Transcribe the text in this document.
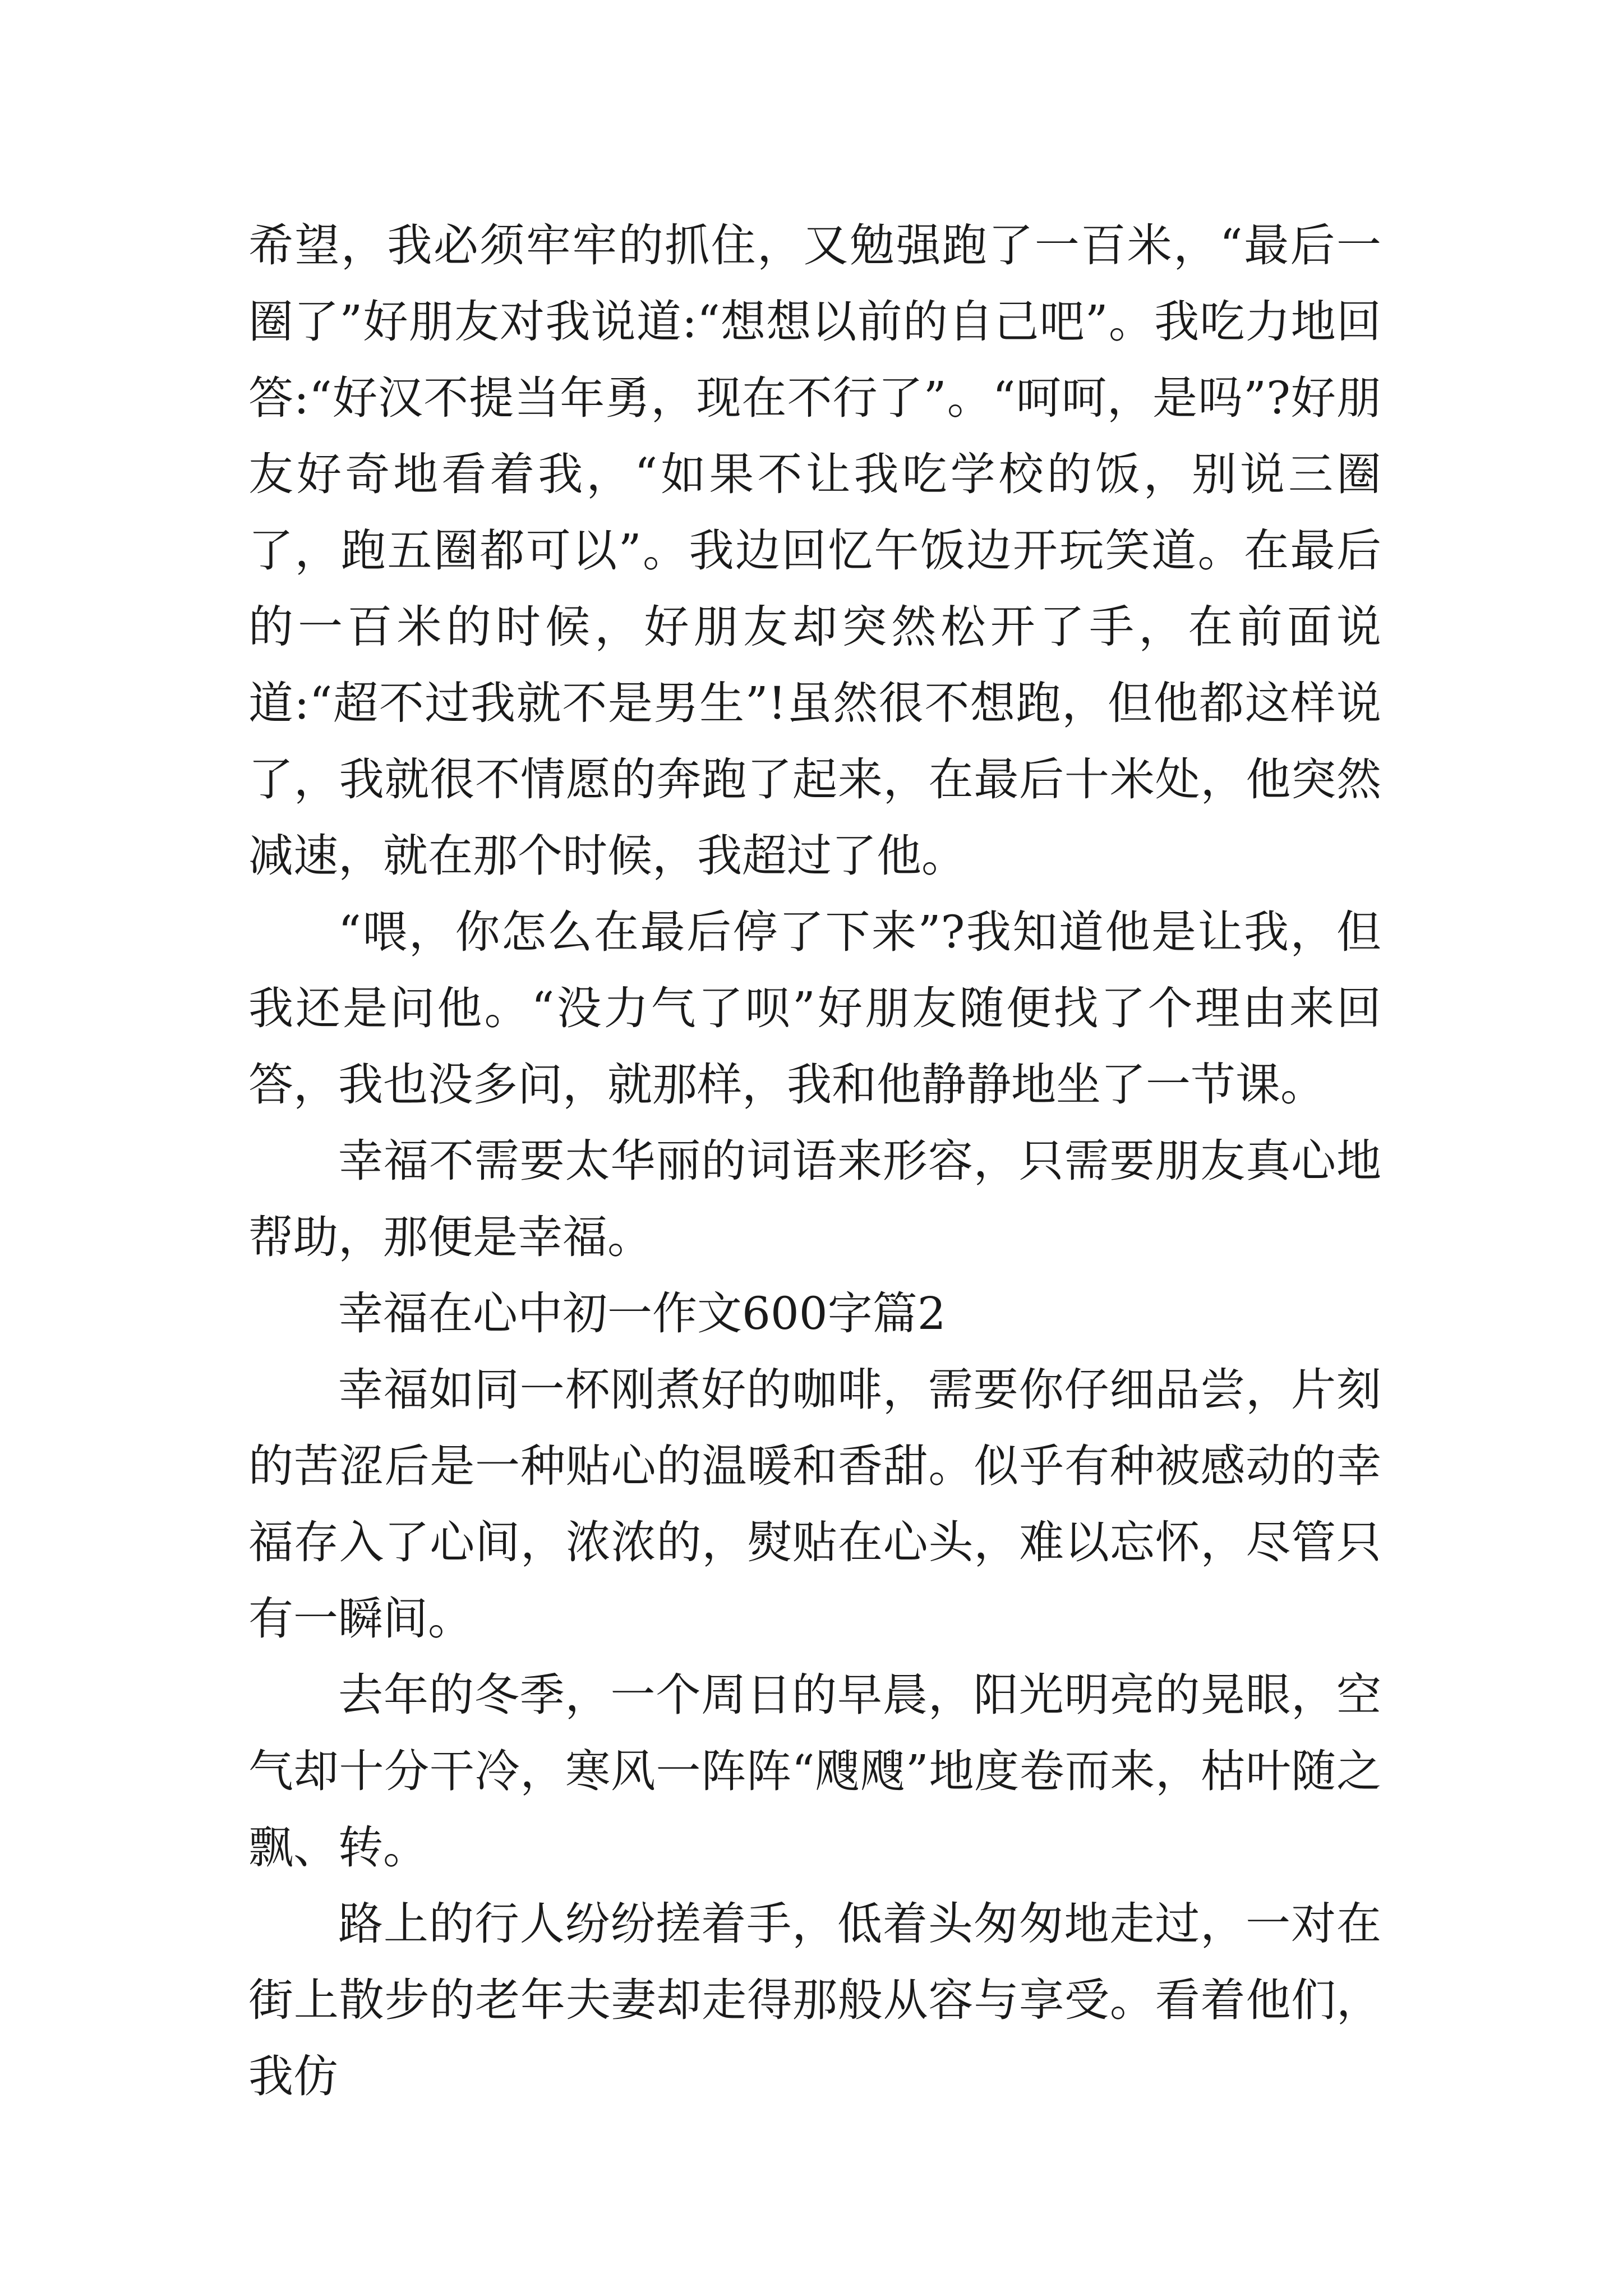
希望，我必须牢牢的抓住，又勉强跑了一百米，“最后一圈了”好朋友对我说道:“想想以前的自己吧”。我吃力地回答:“好汉不提当年勇，现在不行了”。“呵呵，是吗”?好朋友好奇地看着我，“如果不让我吃学校的饭，别说三圈了，跑五圈都可以”。我边回忆午饭边开玩笑道。在最后的一百米的时候，好朋友却突然松开了手，在前面说道:“超不过我就不是男生”!虽然很不想跑，但他都这样说了，我就很不情愿的奔跑了起来，在最后十米处，他突然减速，就在那个时候，我超过了他。

“喂，你怎么在最后停了下来”?我知道他是让我，但我还是问他。“没力气了呗”好朋友随便找了个理由来回答，我也没多问，就那样，我和他静静地坐了一节课。

幸福不需要太华丽的词语来形容，只需要朋友真心地帮助，那便是幸福。

幸福在心中初一作文600字篇2

幸福如同一杯刚煮好的咖啡，需要你仔细品尝，片刻的苦涩后是一种贴心的温暖和香甜。似乎有种被感动的幸福存入了心间，浓浓的，熨贴在心头，难以忘怀，尽管只有一瞬间。

去年的冬季，一个周日的早晨，阳光明亮的晃眼，空气却十分干冷，寒风一阵阵“飕飕”地度卷而来，枯叶随之飘、转。

路上的行人纷纷搓着手，低着头匆匆地走过，一对在街上散步的老年夫妻却走得那般从容与享受。看着他们，我仿
